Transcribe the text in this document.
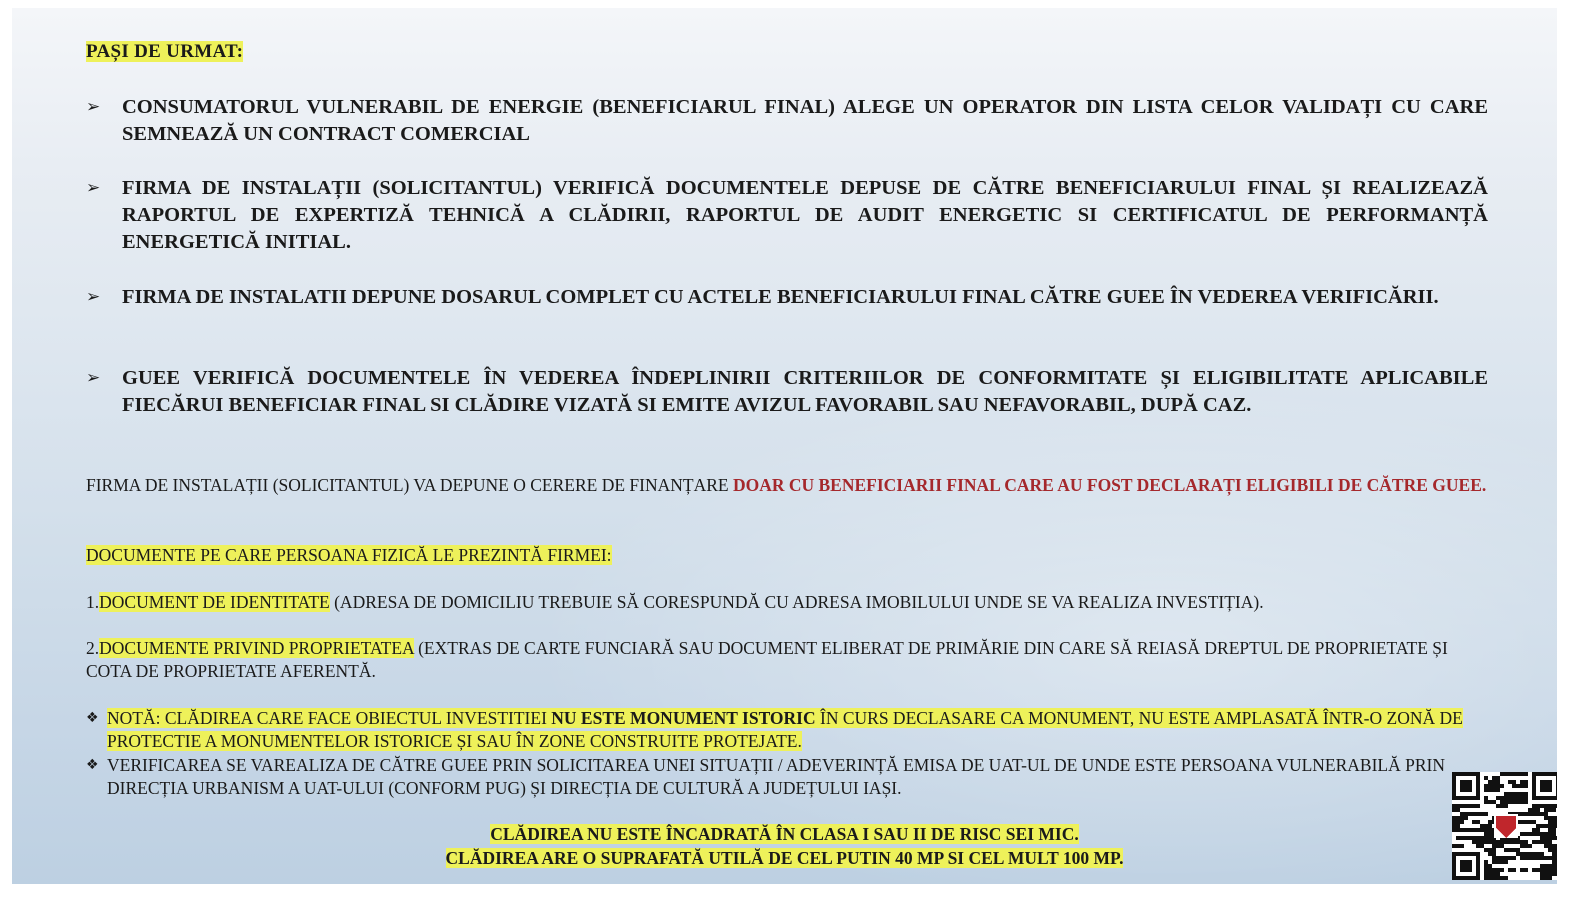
PAȘI DE URMAT:
➢	CONSUMATORUL VULNERABIL DE ENERGIE (BENEFICIARUL FINAL) ALEGE UN OPERATOR DIN LISTA CELOR VALIDAȚI CU CARE SEMNEAZĂ UN CONTRACT COMERCIAL
➢	FIRMA DE INSTALAȚII (SOLICITANTUL) VERIFICĂ DOCUMENTELE DEPUSE DE CĂTRE BENEFICIARULUI FINAL ȘI REALIZEAZĂ RAPORTUL DE EXPERTIZĂ TEHNICĂ A CLĂDIRII, RAPORTUL DE AUDIT ENERGETIC SI CERTIFICATUL DE PERFORMANȚĂ ENERGETICĂ INITIAL.
➢	FIRMA DE INSTALATII DEPUNE DOSARUL COMPLET CU ACTELE BENEFICIARULUI FINAL CĂTRE GUEE ÎN VEDEREA VERIFICĂRII.
➢	GUEE VERIFICĂ DOCUMENTELE ÎN VEDEREA ÎNDEPLINIRII CRITERIILOR DE CONFORMITATE ȘI ELIGIBILITATE APLICABILE FIECĂRUI BENEFICIAR FINAL SI CLĂDIRE VIZATĂ SI EMITE AVIZUL FAVORABIL SAU NEFAVORABIL, DUPĂ CAZ.
FIRMA DE INSTALAȚII (SOLICITANTUL) VA DEPUNE O CERERE DE FINANȚARE DOAR CU BENEFICIARII FINAL CARE AU FOST DECLARAȚI ELIGIBILI DE CĂTRE GUEE.
DOCUMENTE PE CARE PERSOANA FIZICĂ LE PREZINTĂ FIRMEI:
1.DOCUMENT DE IDENTITATE (ADRESA DE DOMICILIU TREBUIE SĂ CORESPUNDĂ CU ADRESA IMOBILULUI UNDE SE VA REALIZA INVESTIȚIA).
2.DOCUMENTE PRIVIND PROPRIETATEA (EXTRAS DE CARTE FUNCIARĂ SAU DOCUMENT ELIBERAT DE PRIMĂRIE DIN CARE SĂ REIASĂ DREPTUL DE PROPRIETATE ȘI COTA DE PROPRIETATE AFERENTĂ.
❖ NOTĂ: CLĂDIREA CARE FACE OBIECTUL INVESTITIEI NU ESTE MONUMENT ISTORIC ÎN CURS DECLASARE CA MONUMENT, NU ESTE AMPLASATĂ ÎNTR-O ZONĂ DE PROTECTIE A MONUMENTELOR ISTORICE ȘI SAU ÎN ZONE CONSTRUITE PROTEJATE.
❖ VERIFICAREA SE VAREALIZA DE CĂTRE GUEE PRIN SOLICITAREA UNEI SITUAȚII / ADEVERINȚĂ EMISA DE UAT-UL DE UNDE ESTE PERSOANA VULNERABILĂ PRIN DIRECȚIA URBANISM A UAT-ULUI (CONFORM PUG) ȘI DIRECȚIA DE CULTURĂ A JUDEȚULUI IAȘI.
CLĂDIREA NU ESTE ÎNCADRATĂ ÎN CLASA I SAU II DE RISC SEI MIC.
CLĂDIREA ARE O SUPRAFATĂ UTILĂ DE CEL PUTIN 40 MP SI CEL MULT 100 MP.
